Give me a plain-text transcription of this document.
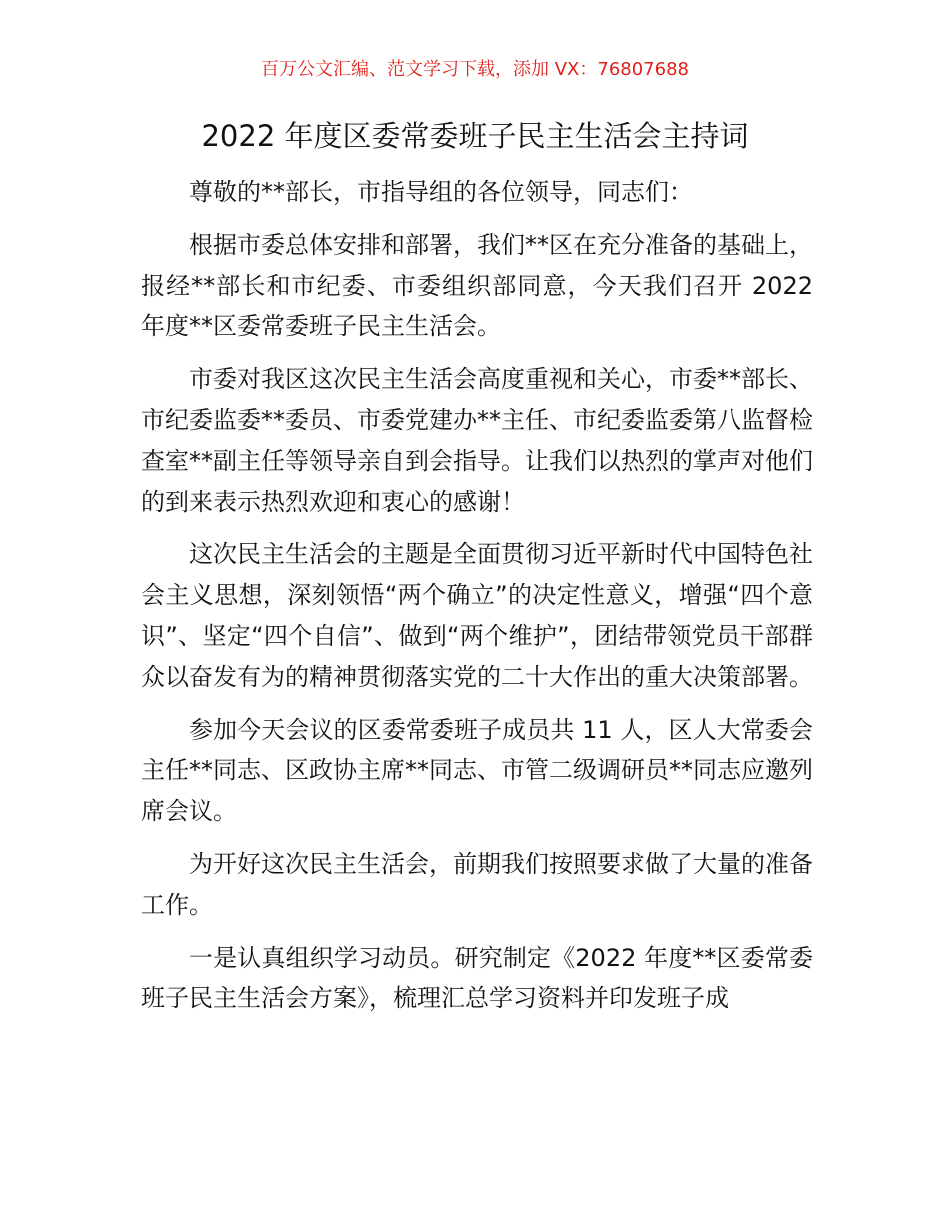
百万公文汇编、范文学习下载，添加 VX：76807688
2022 年度区委常委班子民主生活会主持词

尊敬的**部长，市指导组的各位领导，同志们：

根据市委总体安排和部署，我们**区在充分准备的基础上，报经**部长和市纪委、市委组织部同意，今天我们召开 2022 年度**区委常委班子民主生活会。

市委对我区这次民主生活会高度重视和关心，市委**部长、市纪委监委**委员、市委党建办**主任、市纪委监委第八监督检查室**副主任等领导亲自到会指导。让我们以热烈的掌声对他们的到来表示热烈欢迎和衷心的感谢！

这次民主生活会的主题是全面贯彻习近平新时代中国特色社会主义思想，深刻领悟“两个确立”的决定性意义，增强“四个意识”、坚定“四个自信”、做到“两个维护”，团结带领党员干部群众以奋发有为的精神贯彻落实党的二十大作出的重大决策部署。

参加今天会议的区委常委班子成员共 11 人，区人大常委会主任**同志、区政协主席**同志、市管二级调研员**同志应邀列席会议。

为开好这次民主生活会，前期我们按照要求做了大量的准备工作。

一是认真组织学习动员。研究制定《2022 年度**区委常委班子民主生活会方案》，梳理汇总学习资料并印发班子成
